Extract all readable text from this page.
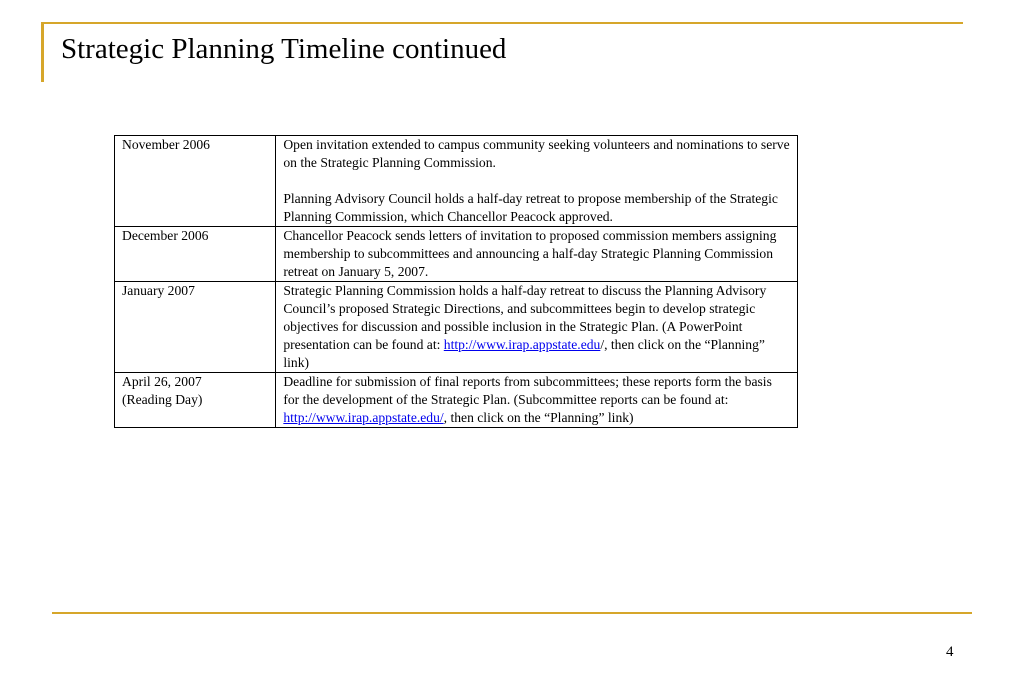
Strategic Planning Timeline continued
November 2006	Open invitation extended to campus community seeking volunteers and nominations to serve on the Strategic Planning Commission.

Planning Advisory Council holds a half-day retreat to propose membership of the Strategic Planning Commission, which Chancellor Peacock approved.

December 2006	Chancellor Peacock sends letters of invitation to proposed commission members assigning membership to subcommittees and announcing a half-day Strategic Planning Commission retreat on January 5, 2007.
January 2007	Strategic Planning Commission holds a half-day retreat to discuss the Planning Advisory Council’s proposed Strategic Directions, and subcommittees begin to develop strategic objectives for discussion and possible inclusion in the Strategic Plan. (A PowerPoint presentation can be found at: http://www.irap.appstate.edu/, then click on the “Planning” link)
April 26, 2007
(Reading Day)	Deadline for submission of final reports from subcommittees; these reports form the basis for the development of the Strategic Plan. (Subcommittee reports can be found at: http://www.irap.appstate.edu/, then click on the “Planning” link)
4
